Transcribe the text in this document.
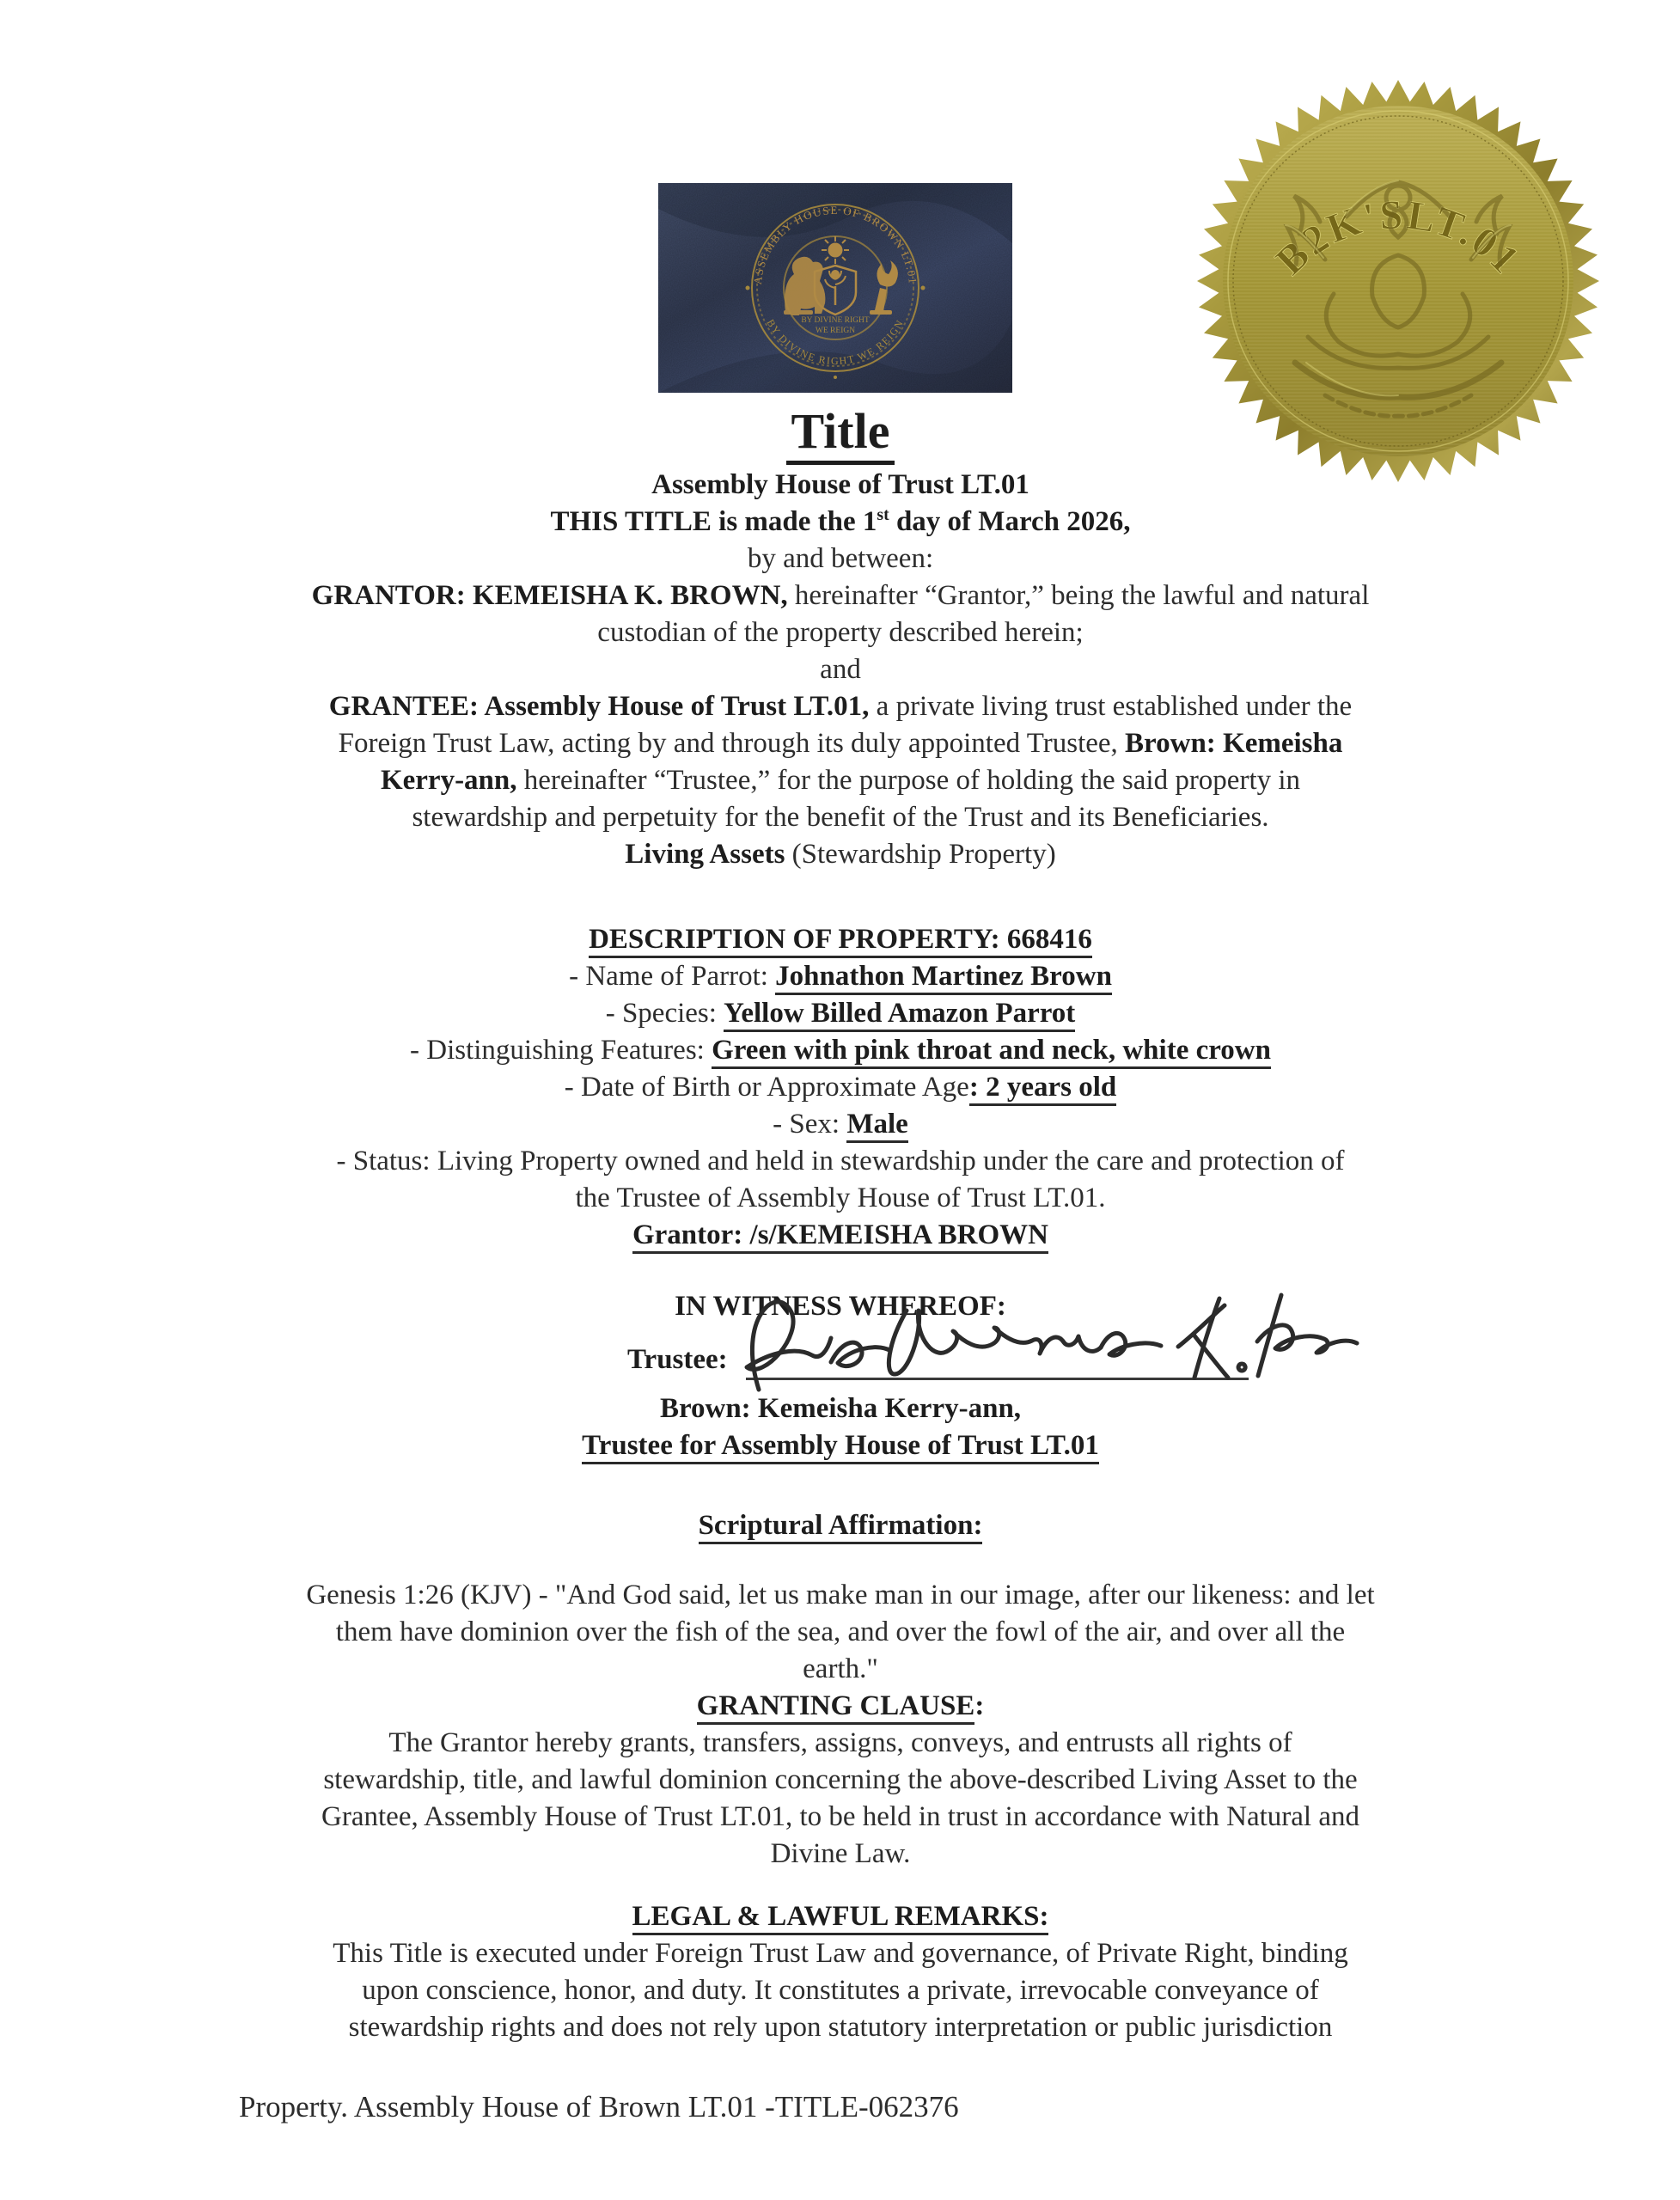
ASSEMBLY HOUSE OF BROWN LT.01
BY DIVINE RIGHT WE REIGN
BY DIVINE RIGHT
WE REIGN
B2K'SLT.01
Title
Assembly House of Trust LT.01
THIS TITLE is made the 1st day of March 2026,
by and between:
GRANTOR: KEMEISHA K. BROWN, hereinafter “Grantor,” being the lawful and natural
custodian of the property described herein;
and
GRANTEE: Assembly House of Trust LT.01, a private living trust established under the
Foreign Trust Law, acting by and through its duly appointed Trustee, Brown: Kemeisha
Kerry-ann, hereinafter “Trustee,” for the purpose of holding the said property in
stewardship and perpetuity for the benefit of the Trust and its Beneficiaries.
Living Assets (Stewardship Property)
DESCRIPTION OF PROPERTY: 668416
- Name of Parrot: Johnathon Martinez Brown
- Species: Yellow Billed Amazon Parrot
- Distinguishing Features: Green with pink throat and neck, white crown
- Date of Birth or Approximate Age: 2 years old
- Sex: Male
- Status: Living Property owned and held in stewardship under the care and protection of
the Trustee of Assembly House of Trust LT.01.
Grantor: /s/KEMEISHA BROWN
IN WITNESS WHEREOF:
Trustee:
Brown: Kemeisha Kerry-ann,
Trustee for Assembly House of Trust LT.01
Scriptural Affirmation:
Genesis 1:26 (KJV) - "And God said, let us make man in our image, after our likeness: and let
them have dominion over the fish of the sea, and over the fowl of the air, and over all the
earth."
GRANTING CLAUSE:
The Grantor hereby grants, transfers, assigns, conveys, and entrusts all rights of
stewardship, title, and lawful dominion concerning the above-described Living Asset to the
Grantee, Assembly House of Trust LT.01, to be held in trust in accordance with Natural and
Divine Law.
LEGAL & LAWFUL REMARKS:
This Title is executed under Foreign Trust Law and governance, of Private Right, binding
upon conscience, honor, and duty. It constitutes a private, irrevocable conveyance of
stewardship rights and does not rely upon statutory interpretation or public jurisdiction
Property. Assembly House of Brown LT.01 -TITLE-062376
